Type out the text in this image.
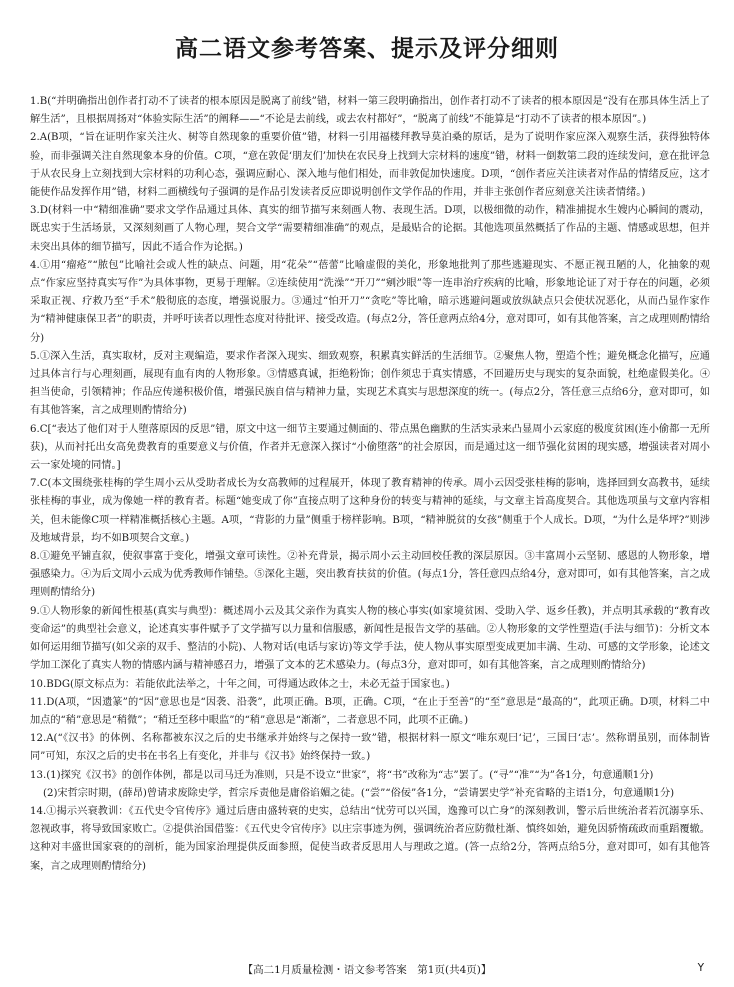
高二语文参考答案、提示及评分细则

1.B(“并明确指出创作者打动不了读者的根本原因是脱离了前线”错，材料一第三段明确指出，创作者打动不了读者的根本原因是“没有在那具体生活上了解生活”，且根据周扬对“体验实际生活”的阐释——“不论是去前线，或去农村都好”，“脱离了前线”不能算是“打动不了读者的根本原因”。)

2.A(B项，“旨在证明作家关注火、树等自然现象的重要价值”错，材料一引用福楼拜教导莫泊桑的原话，是为了说明作家应深入观察生活，获得独特体验，而非强调关注自然现象本身的价值。C项，“意在敦促‘朋友们’加快在农民身上找到大宗材料的速度”错，材料一倒数第二段的连续发问，意在批评急于从农民身上立刻找到大宗材料的功利心态，强调应耐心、深入地与他们相处，而非敦促加快速度。D项，“创作者应关注读者对作品的情绪反应，这才能使作品发挥作用”错，材料二画横线句子强调的是作品引发读者反应即说明创作文学作品的作用，并非主张创作者应刻意关注读者情绪。)

3.D(材料一中“精细准确”要求文学作品通过具体、真实的细节描写来刻画人物、表现生活。D项，以极细微的动作，精准捕捉水生嫂内心瞬间的震动，既忠实于生活场景，又深刻刻画了人物心理，契合文学“需要精细准确”的观点，是最贴合的论据。其他选项虽然概括了作品的主题、情感或思想，但并未突出具体的细节描写，因此不适合作为论据。)

4.①用“瘤疮”“脓包”比喻社会或人性的缺点、问题，用“花朵”“蓓蕾”比喻虚假的美化，形象地批判了那些逃避现实、不愿正视丑陋的人，化抽象的观点“作家应坚持真实写作”为具体事物，更易于理解。②连续使用“洗澡”“开刀”“剜沙眼”等一连串治疗疾病的比喻，形象地论证了对于存在的问题，必须采取正视、疗救乃至“手术”般彻底的态度，增强说服力。③通过“怕开刀”“贪吃”等比喻，暗示逃避问题或放纵缺点只会使状况恶化，从而凸显作家作为“精神健康保卫者”的职责，并呼吁读者以理性态度对待批评、接受改造。(每点2分，答任意两点给4分，意对即可，如有其他答案，言之成理则酌情给分)

5.①深入生活，真实取材，反对主观编造，要求作者深入现实、细致观察，积累真实鲜活的生活细节。②聚焦人物，塑造个性；避免概念化描写，应通过具体言行与心理刻画，展现有血有肉的人物形象。③情感真诚，拒绝粉饰；创作须忠于真实情感，不回避历史与现实的复杂面貌，杜绝虚假美化。④担当使命，引领精神；作品应传递积极价值，增强民族自信与精神力量，实现艺术真实与思想深度的统一。(每点2分，答任意三点给6分，意对即可，如有其他答案，言之成理则酌情给分)

6.C[“表达了他们对于人堕落原因的反思”错，原文中这一细节主要通过侧面的、带点黑色幽默的生活实录来凸显周小云家庭的极度贫困(连小偷都一无所获)，从而衬托出女高免费教育的重要意义与价值，作者并无意深入探讨“小偷堕落”的社会原因，而是通过这一细节强化贫困的现实感，增强读者对周小云一家处境的同情。]

7.C(本文围绕张桂梅的学生周小云从受助者成长为女高教师的过程展开，体现了教育精神的传承。周小云因受张桂梅的影响，选择回到女高教书，延续张桂梅的事业，成为像她一样的教育者。标题“她变成了你”直接点明了这种身份的转变与精神的延续，与文章主旨高度契合。其他选项虽与文章内容相关，但未能像C项一样精准概括核心主题。A项，“背影的力量”侧重于榜样影响。B项，“精神脱贫的女孩”侧重于个人成长。D项，“为什么是华坪?”则涉及地域背景，均不如B项契合文章。)

8.①避免平铺直叙，使叙事富于变化，增强文章可读性。②补充背景，揭示周小云主动回校任教的深层原因。③丰富周小云坚韧、感恩的人物形象，增强感染力。④为后文周小云成为优秀教师作铺垫。⑤深化主题，突出教育扶贫的价值。(每点1分，答任意四点给4分，意对即可，如有其他答案，言之成理则酌情给分)

9.①人物形象的新闻性根基(真实与典型)：概述周小云及其父亲作为真实人物的核心事实(如家境贫困、受助入学、返乡任教)，并点明其承载的“教育改变命运”的典型社会意义，论述真实事件赋予了文学描写以力量和信服感，新闻性是报告文学的基础。②人物形象的文学性塑造(手法与细节)：分析文本如何运用细节描写(如父亲的双手、整洁的小院)、人物对话(电话与家访)等文学手法，使人物从事实原型变成更加丰满、生动、可感的文学形象，论述文学加工深化了真实人物的情感内涵与精神感召力，增强了文本的艺术感染力。(每点3分，意对即可，如有其他答案，言之成理则酌情给分)

10.BDG(原文标点为：若能依此法举之，十年之间，可得通达政体之士，未必无益于国家也。)

11.D(A项，“因遗篆”的“因”意思也是“因袭、沿袭”，此项正确。B项，正确。C项，“在止于至善”的“至”意思是“最高的”，此项正确。D项，材料二中加点的“稍”意思是“稍微”；“稍迁至移中眼监”的“稍”意思是“渐渐”，二者意思不同，此项不正确。)

12.A(“《汉书》的体例、名称都被东汉之后的史书继承并始终与之保持一致”错，根据材料一原文“唯东观曰‘记’，三国曰‘志’。然称谓虽别，而体制皆同”可知，东汉之后的史书在书名上有变化，并非与《汉书》始终保持一致。)

13.(1)探究《汉书》的创作体例，都是以司马迁为准则，只是不设立“世家”，将“书”改称为“志”罢了。(“寻”“准”“为”各1分，句意通顺1分)

(2)宋哲宗时期，(薛昂)曾请求废除史学，哲宗斥责他是庸俗谄媚之徒。(“尝”“俗佞”各1分，“尝请罢史学”补充省略的主语1分，句意通顺1分)

14.①揭示兴衰教训：《五代史令官传序》通过后唐由盛转衰的史实，总结出“忧劳可以兴国，逸豫可以亡身”的深刻教训，警示后世统治者若沉溺享乐、忽视政事，将导致国家败亡。②提供治国借鉴：《五代史令官传序》以庄宗事迹为例，强调统治者应防微杜渐、慎终如始，避免因骄惰疏政而重蹈覆辙。这种对丰盛世国家衰的的剖析，能为国家治理提供反面参照，促使当政者反思用人与理政之道。(答一点给2分，答两点给5分，意对即可，如有其他答案，言之成理则酌情给分)

【高二1月质量检测・语文参考答案　第1页(共4页)】	Y
